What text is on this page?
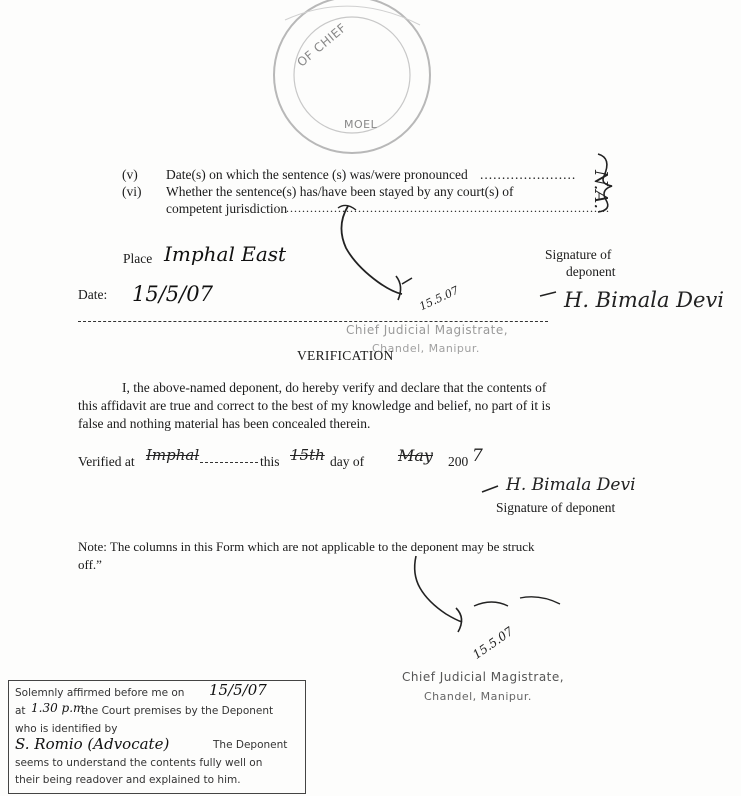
OF CHIEF
MOEL
(v) Date(s) on which the sentence (s) was/were pronounced ......................
(vi) Whether the sentence(s) has/have been stayed by any court(s) of
competent jurisdiction
.................................................................................
N.A.
Place Imphal East	Signature of
deponent
Date: 15/5/07	15.5.07	H. Bimala Devi
Chief Judicial Magistrate,
Chandel, Manipur.
VERIFICATION
I, the above-named deponent, do hereby verify and declare that the contents of
this affidavit are true and correct to the best of my knowledge and belief, no part of it is
false and nothing material has been concealed therein.
Verified at Imphal	this 15th day of May 200 7
H. Bimala Devi
Signature of deponent
Note: The columns in this Form which are not applicable to the deponent may be struck
off.”
15.5.07
Chief Judicial Magistrate,
Chandel, Manipur.
Solemnly affirmed before me on 15/5/07
at 1.30 p.m.
the Court premises by the Deponent
who is identified by
S. Romio (Advocate)	The Deponent
seems to understand the contents fully well on
their being readover and explained to him.
